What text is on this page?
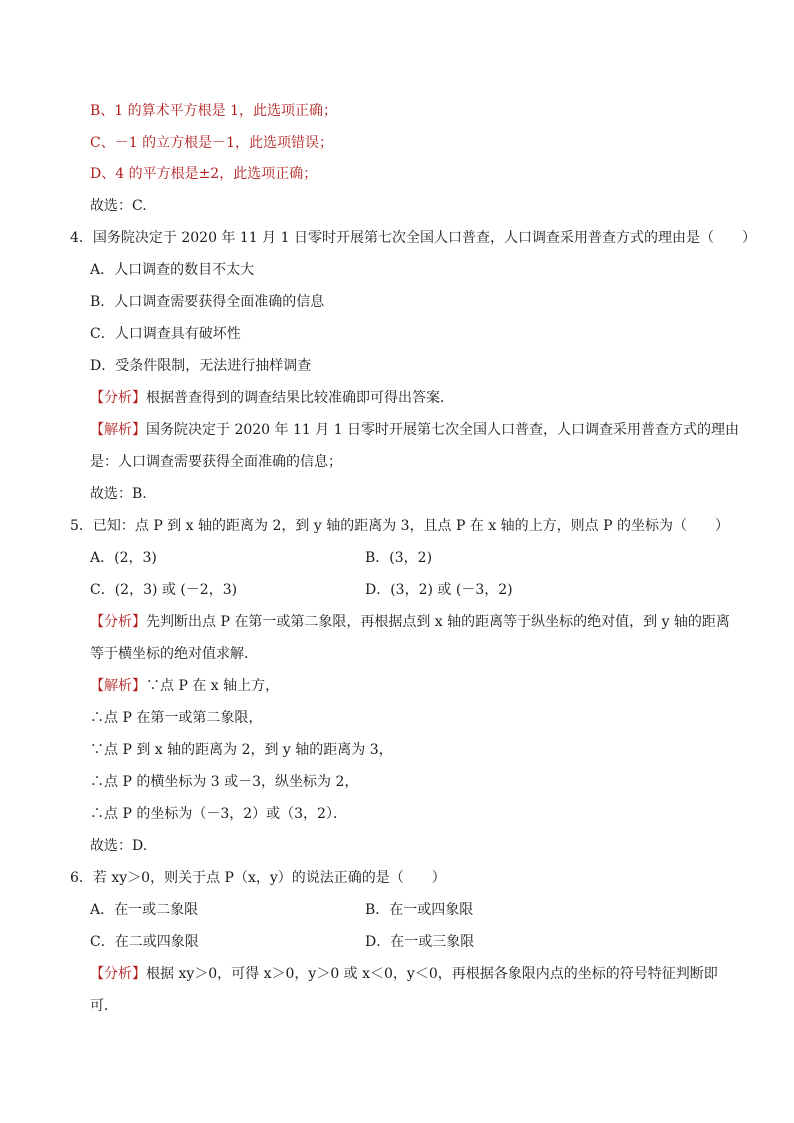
B、1 的算术平方根是 1，此选项正确；
C、－1 的立方根是－1，此选项错误；
D、4 的平方根是±2，此选项正确；
故选：C.
4．国务院决定于 2020 年 11 月 1 日零时开展第七次全国人口普查，人口调查采用普查方式的理由是（　　）
A．人口调查的数目不太大
B．人口调查需要获得全面准确的信息
C．人口调查具有破坏性
D．受条件限制，无法进行抽样调查
【分析】根据普查得到的调查结果比较准确即可得出答案．
【解析】国务院决定于 2020 年 11 月 1 日零时开展第七次全国人口普查，人口调查采用普查方式的理由
是：人口调查需要获得全面准确的信息；
故选：B.
5．已知：点 P 到 x 轴的距离为 2，到 y 轴的距离为 3，且点 P 在 x 轴的上方，则点 P 的坐标为（　　）
A．(2，3)	B．(3，2)
C．(2，3) 或 (－2，3)	D．(3，2) 或 (－3，2)
【分析】先判断出点 P 在第一或第二象限，再根据点到 x 轴的距离等于纵坐标的绝对值，到 y 轴的距离
等于横坐标的绝对值求解．
【解析】∵点 P 在 x 轴上方，
∴点 P 在第一或第二象限，
∵点 P 到 x 轴的距离为 2，到 y 轴的距离为 3，
∴点 P 的横坐标为 3 或－3，纵坐标为 2，
∴点 P 的坐标为（－3，2）或（3，2）．
故选：D.
6．若 xy＞0，则关于点 P（x，y）的说法正确的是（　　）
A．在一或二象限	B．在一或四象限
C．在二或四象限	D．在一或三象限
【分析】根据 xy＞0，可得 x＞0，y＞0 或 x＜0，y＜0，再根据各象限内点的坐标的符号特征判断即
可．
